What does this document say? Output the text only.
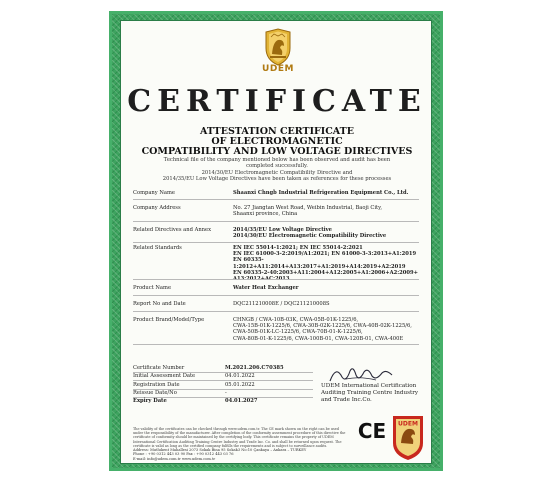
UDEM
CERTIFICATE
ATTESTATION CERTIFICATE
OF ELECTROMAGNETIC
COMPATIBILITY AND LOW VOLTAGE DIRECTIVES
Technical file of the company mentioned below has been observed and audit has been
completed successfully.
2014/30/EU Electromagnetic Compatibility Directive and
2014/35/EU Low Voltage Directives have been taken as references for these processes
Company Name	Shaanxi Chngb Industrial Refrigeration Equipment Co., Ltd.
Company Address	No. 27 Jiangtan West Road, Weibin Industrial, Baoji City,
Shaanxi province, China
Related Directives and Annex	2014/35/EU Low Voltage Directive
2014/30/EU Electromagnetic Compatibility Directive
Related Standards	EN IEC 55014-1:2021; EN IEC 55014-2:2021
EN IEC 61000-3-2:2019/A1:2021; EN 61000-3-3:2013+A1:2019
EN 60335-1:2012+A11:2014+A13:2017+A1:2019+A14:2019+A2:2019
EN 60335-2-40:2003+A11:2004+A12:2005+A1:2006+A2:2009+
A13:2012+AC:2013
Product Name	Water Heat Exchanger
Report No and Date	DQC211210008E / DQC211210008S
Product Brand/Model/Type	CHNGB / CWA-10B-03K, CWA-05B-01K-1225/6,
CWA-15B-01K-1225/6, CWA-30B-02K-1225/6, CWA-40B-02K-1225/6,
CWA-50B-01K-LC-1225/6, CWA-70B-01-K-1225/6,
CWA-80B-01-K-1225/6, CWA-100B-01, CWA-120B-01, CWA-400E
Certificate Number	M.2021.206.C70385
Initial Assessment Date	04.01.2022
Registration Date	05.01.2022
Reissue Date/No	-
Expiry Date	04.01.2027
UDEM International Certification
Auditing Training Centre Industry
and Trade Inc.Co.
The validity of the certificates can be checked through www.udem.com.tr. The CE mark shown on the right can be used under the responsibility of the manufacturer. After completion of the conformity assessment procedure of this directive the certificate of conformity should be maintained by the certifying body. This certificate remains the property of UDEM International Certification Auditing Training Centre Industry and Trade Inc. Co. and shall be returned upon request. The certificate is valid as long as the certified company fulfills the requirements and is subject to surveillance audits.
Address: Mutlukent Mahallesi 2073 Sokak Bina 95 Sokak3 No:10 Çankaya – Ankara – TURKEY
Phone : +90 0312 443 03 90 Fax : +90 0312 443 03 76
E-mail: info@udem.com.tr www.udem.com.tr
CE UDEM
